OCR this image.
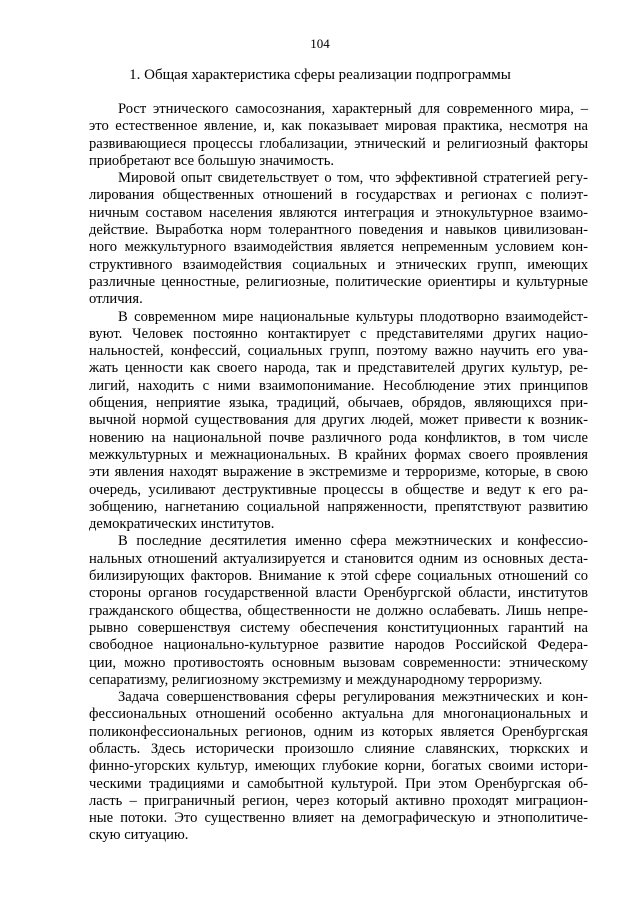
104
1. Общая характеристика сферы реализации подпрограммы
Рост этнического самосознания, характерный для современного мира, –
это естественное явление, и, как показывает мировая практика, несмотря на
развивающиеся процессы глобализации, этнический и религиозный факторы
приобретают все большую значимость.
Мировой опыт свидетельствует о том, что эффективной стратегией регу-
лирования общественных отношений в государствах и регионах с полиэт-
ничным составом населения являются интеграция и этнокультурное взаимо-
действие. Выработка норм толерантного поведения и навыков цивилизован-
ного межкультурного взаимодействия является непременным условием кон-
структивного взаимодействия социальных и этнических групп, имеющих
различные ценностные, религиозные, политические ориентиры и культурные
отличия.
В современном мире национальные культуры плодотворно взаимодейст-
вуют. Человек постоянно контактирует с представителями других нацио-
нальностей, конфессий, социальных групп, поэтому важно научить его ува-
жать ценности как своего народа, так и представителей других культур, ре-
лигий, находить с ними взаимопонимание. Несоблюдение этих принципов
общения, неприятие языка, традиций, обычаев, обрядов, являющихся при-
вычной нормой существования для других людей, может привести к возник-
новению на национальной почве различного рода конфликтов, в том числе
межкультурных и межнациональных. В крайних формах своего проявления
эти явления находят выражение в экстремизме и терроризме, которые, в свою
очередь, усиливают деструктивные процессы в обществе и ведут к его ра-
зобщению, нагнетанию социальной напряженности, препятствуют развитию
демократических институтов.
В последние десятилетия именно сфера межэтнических и конфессио-
нальных отношений актуализируется и становится одним из основных деста-
билизирующих факторов. Внимание к этой сфере социальных отношений со
стороны органов государственной власти Оренбургской области, институтов
гражданского общества, общественности не должно ослабевать. Лишь непре-
рывно совершенствуя систему обеспечения конституционных гарантий на
свободное национально-культурное развитие народов Российской Федера-
ции, можно противостоять основным вызовам современности: этническому
сепаратизму, религиозному экстремизму и международному терроризму.
Задача совершенствования сферы регулирования межэтнических и кон-
фессиональных отношений особенно актуальна для многонациональных и
поликонфессиональных регионов, одним из которых является Оренбургская
область. Здесь исторически произошло слияние славянских, тюркских и
финно-угорских культур, имеющих глубокие корни, богатых своими истори-
ческими традициями и самобытной культурой. При этом Оренбургская об-
ласть – приграничный регион, через который активно проходят миграцион-
ные потоки. Это существенно влияет на демографическую и этнополитиче-
скую ситуацию.
